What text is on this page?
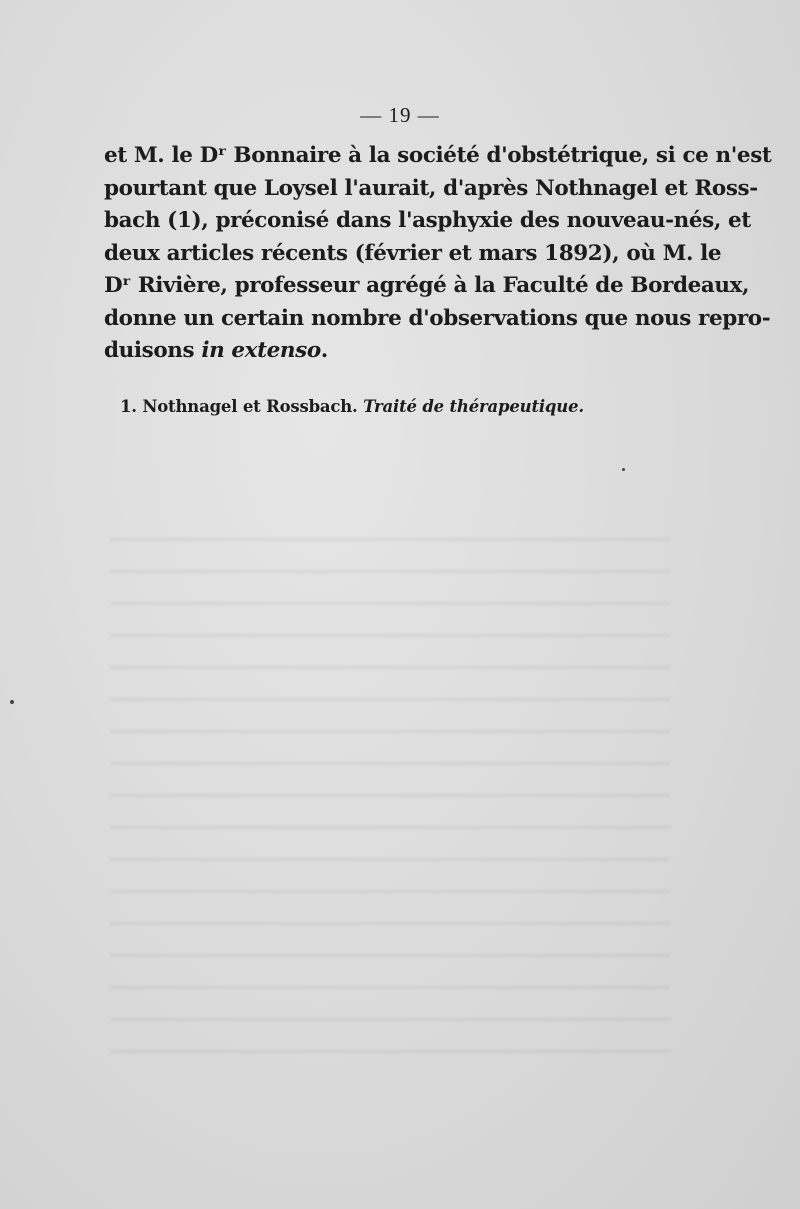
— 19 —
et M. le Dʳ Bonnaire à la société d'obstétrique, si ce n'est
pourtant que Loysel l'aurait, d'après Nothnagel et Ross-
bach (1), préconisé dans l'asphyxie des nouveau-nés, et
deux articles récents (février et mars 1892), où M. le
Dʳ Rivière, professeur agrégé à la Faculté de Bordeaux,
donne un certain nombre d'observations que nous repro-
duisons in extenso.
1. Nothnagel et Rossbach. Traité de thérapeutique.
